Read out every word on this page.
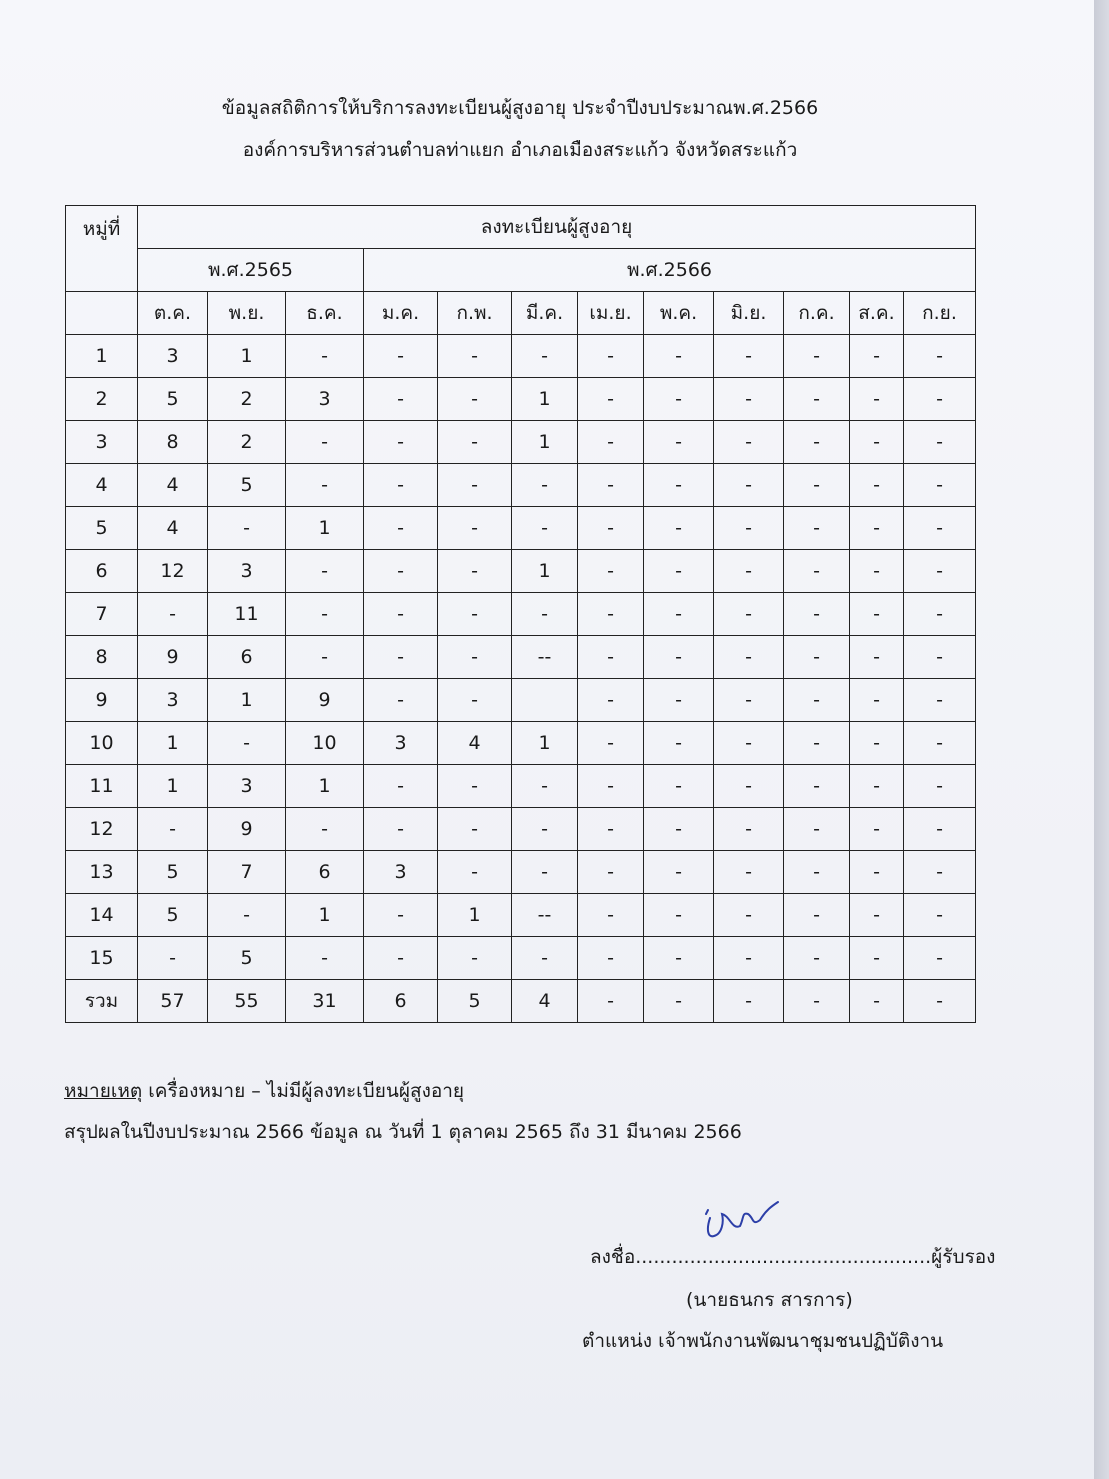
ข้อมูลสถิติการให้บริการลงทะเบียนผู้สูงอายุ ประจำปีงบประมาณพ.ศ.2566
องค์การบริหารส่วนตำบลท่าแยก อำเภอเมืองสระแก้ว จังหวัดสระแก้ว
หมู่ที่	ลงทะเบียนผู้สูงอายุ											
	พ.ศ.2565			พ.ศ.2566								
	ต.ค.	พ.ย.	ธ.ค.	ม.ค.	ก.พ.	มี.ค.	เม.ย.	พ.ค.	มิ.ย.	ก.ค.	ส.ค.	ก.ย.
1	3	1	-	-	-	-	-	-	-	-	-	-
2	5	2	3	-	-	1	-	-	-	-	-	-
3	8	2	-	-	-	1	-	-	-	-	-	-
4	4	5	-	-	-	-	-	-	-	-	-	-
5	4	-	1	-	-	-	-	-	-	-	-	-
6	12	3	-	-	-	1	-	-	-	-	-	-
7	-	11	-	-	-	-	-	-	-	-	-	-
8	9	6	-	-	-	--	-	-	-	-	-	-
9	3	1	9	-	-		-	-	-	-	-	-
10	1	-	10	3	4	1	-	-	-	-	-	-
11	1	3	1	-	-	-	-	-	-	-	-	-
12	-	9	-	-	-	-	-	-	-	-	-	-
13	5	7	6	3	-	-	-	-	-	-	-	-
14	5	-	1	-	1	--	-	-	-	-	-	-
15	-	5	-	-	-	-	-	-	-	-	-	-
รวม	57	55	31	6	5	4	-	-	-	-	-	-
หมายเหตุ เครื่องหมาย – ไม่มีผู้ลงทะเบียนผู้สูงอายุ
สรุปผลในปีงบประมาณ 2566 ข้อมูล ณ วันที่ 1 ตุลาคม 2565 ถึง 31 มีนาคม 2566
ลงชื่อ.................................................ผู้รับรอง
(นายธนกร สารการ)
ตำแหน่ง เจ้าพนักงานพัฒนาชุมชนปฏิบัติงาน
